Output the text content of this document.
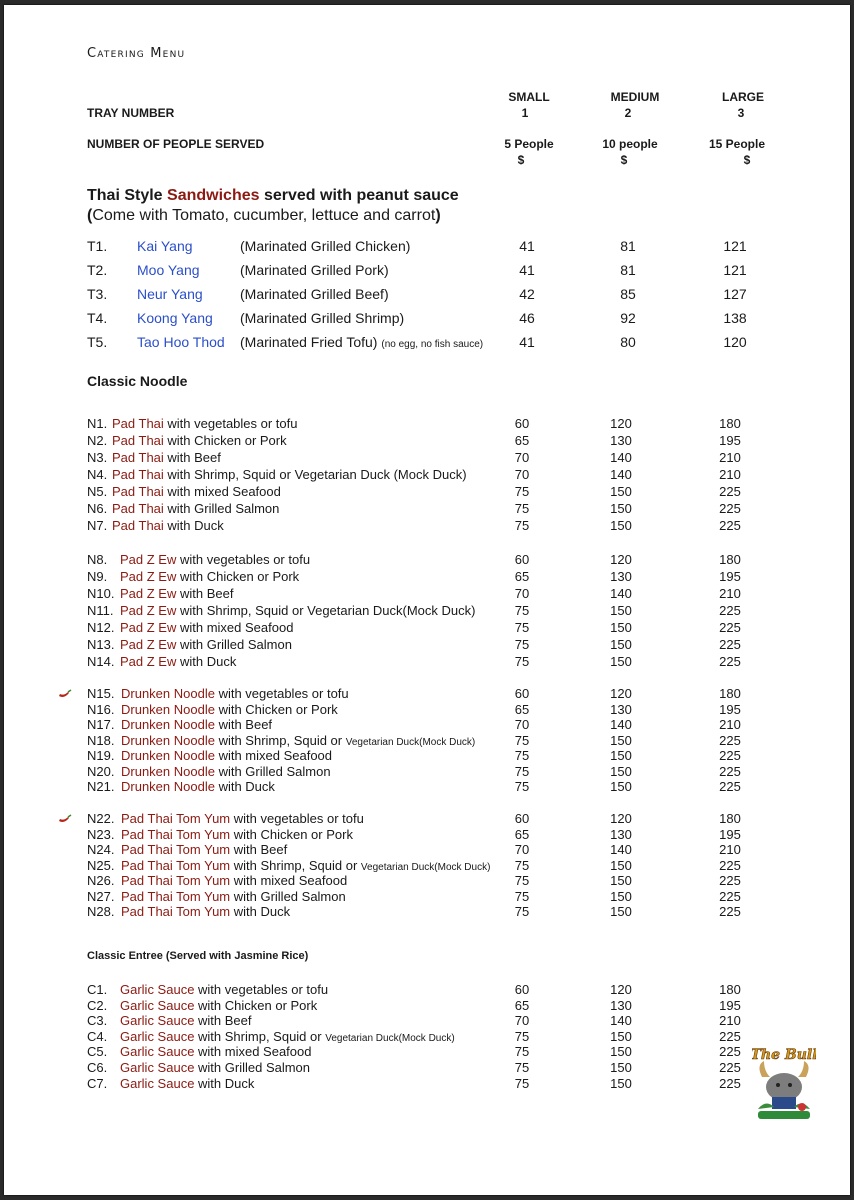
Catering Menu
SMALL	MEDIUM	LARGE
TRAY NUMBER	1	2	3
NUMBER OF PEOPLE SERVED	5 People	10 people	15 People
$	$	$
Thai Style Sandwiches served with peanut sauce
(Come with Tomato, cucumber, lettuce and carrot)
T1. Kai Yang	(Marinated Grilled Chicken)	41	81	121
T2. Moo Yang	(Marinated Grilled Pork)	41	81	121
T3. Neur Yang	(Marinated Grilled Beef)	42	85	127
T4. Koong Yang (Marinated Grilled Shrimp)	46	92	138
T5. Tao Hoo Thod (Marinated Fried Tofu) (no egg, no fish sauce)	41	80	120
Classic Noodle
N1. Pad Thai with vegetables or tofu	60	120	180
N2. Pad Thai with Chicken or Pork	65	130	195
N3. Pad Thai with Beef	70	140	210
N4. Pad Thai with Shrimp, Squid or Vegetarian Duck (Mock Duck)	70	140	210
N5. Pad Thai with mixed Seafood	75	150	225
N6. Pad Thai with Grilled Salmon	75	150	225
N7. Pad Thai with Duck	75	150	225
N8. Pad Z Ew with vegetables or tofu	60	120	180
N9. Pad Z Ew with Chicken or Pork	65	130	195
N10. Pad Z Ew with Beef	70	140	210
N11. Pad Z Ew with Shrimp, Squid or Vegetarian Duck(Mock Duck)	75	150	225
N12. Pad Z Ew with mixed Seafood	75	150	225
N13. Pad Z Ew with Grilled Salmon	75	150	225
N14. Pad Z Ew with Duck	75	150	225
N15. Drunken Noodle with vegetables or tofu	60	120	180
N16. Drunken Noodle with Chicken or Pork	65	130	195
N17. Drunken Noodle with Beef	70	140	210
N18. Drunken Noodle with Shrimp, Squid or Vegetarian Duck(Mock Duck)	75	150	225
N19. Drunken Noodle with mixed Seafood	75	150	225
N20. Drunken Noodle with Grilled Salmon	75	150	225
N21. Drunken Noodle with Duck	75	150	225
N22. Pad Thai Tom Yum with vegetables or tofu	60	120	180
N23. Pad Thai Tom Yum with Chicken or Pork	65	130	195
N24. Pad Thai Tom Yum with Beef	70	140	210
N25. Pad Thai Tom Yum with Shrimp, Squid or Vegetarian Duck(Mock Duck)	75	150	225
N26. Pad Thai Tom Yum with mixed Seafood	75	150	225
N27. Pad Thai Tom Yum with Grilled Salmon	75	150	225
N28. Pad Thai Tom Yum with Duck	75	150	225
Classic Entree (Served with Jasmine Rice)
C1. Garlic Sauce with vegetables or tofu	60	120	180
C2. Garlic Sauce with Chicken or Pork	65	130	195
C3. Garlic Sauce with Beef	70	140	210
C4. Garlic Sauce with Shrimp, Squid or Vegetarian Duck(Mock Duck)	75	150	225
C5. Garlic Sauce with mixed Seafood	75	150	225
C6. Garlic Sauce with Grilled Salmon	75	150	225
C7. Garlic Sauce with Duck	75	150	225
The Bull
